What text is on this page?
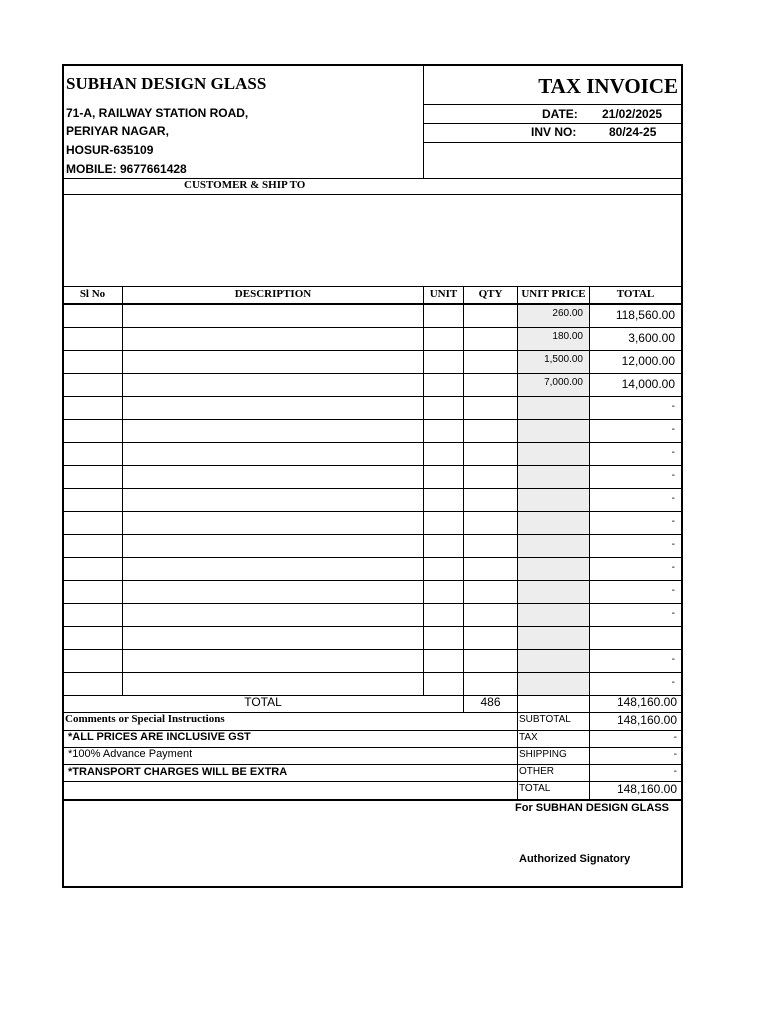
SUBHAN DESIGN GLASS
71-A, RAILWAY STATION ROAD,
PERIYAR NAGAR,
HOSUR-635109
MOBILE: 9677661428
TAX INVOICE
DATE: 21/02/2025
INV NO:	80/24-25
CUSTOMER & SHIP TO
Sl No	DESCRIPTION	UNIT	QTY	UNIT PRICE	TOTAL
260.00	118,560.00
180.00	3,600.00
1,500.00	12,000.00
7,000.00	14,000.00
-
-
-
-
-
-
-
-
-
-
-
-
TOTAL	486	148,160.00
Comments or Special Instructions
*ALL PRICES ARE INCLUSIVE GST
*100% Advance Payment
*TRANSPORT CHARGES WILL BE EXTRA
SUBTOTAL	148,160.00
TAX	-
SHIPPING	-
OTHER	-
TOTAL	148,160.00
For SUBHAN DESIGN GLASS
Authorized Signatory
